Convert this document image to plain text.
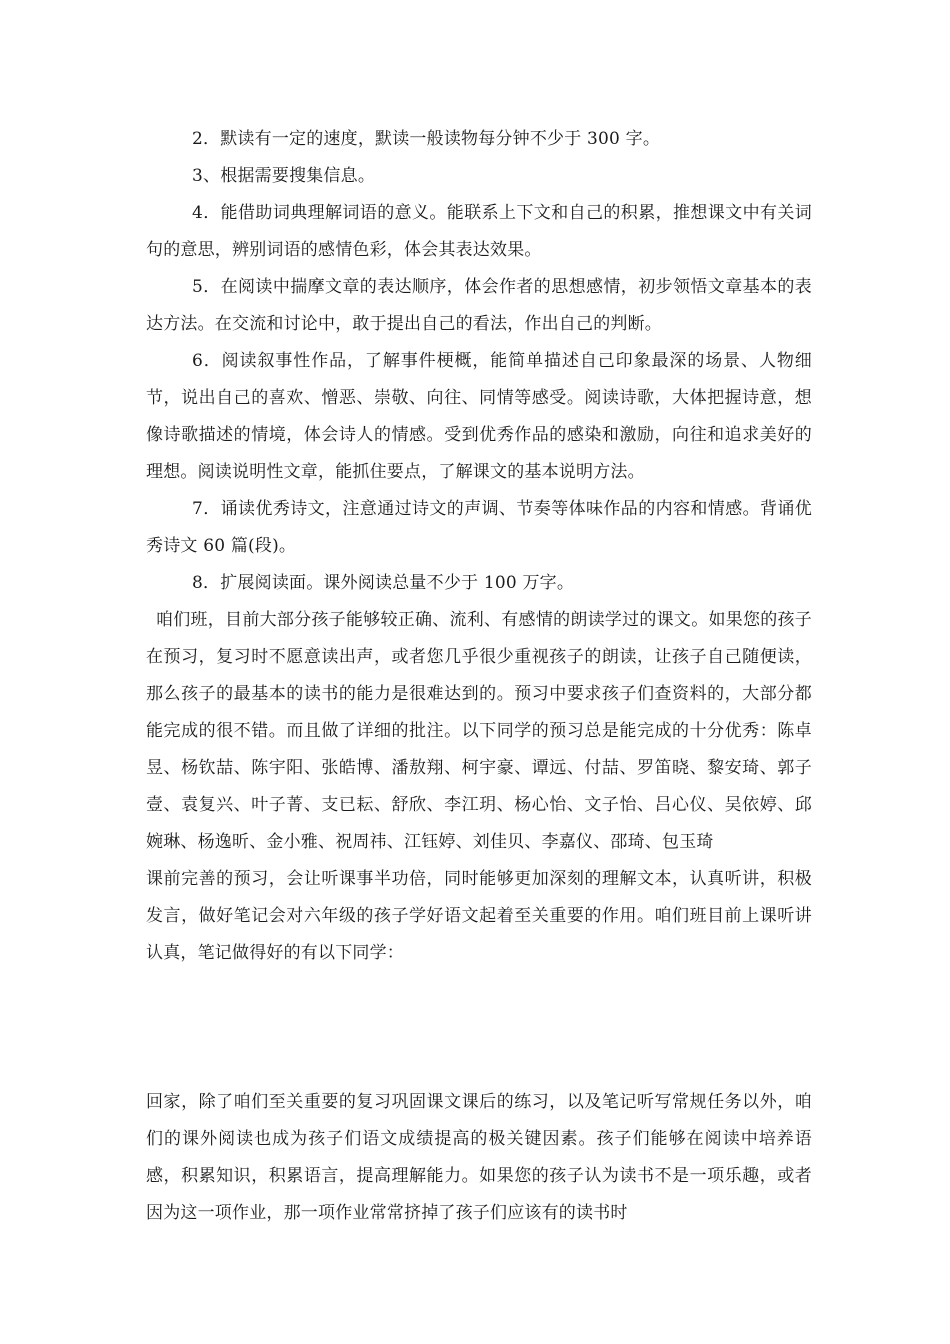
2．默读有一定的速度，默读一般读物每分钟不少于 300 字。

3、根据需要搜集信息。

4．能借助词典理解词语的意义。能联系上下文和自己的积累，推想课文中有关词句的意思，辨别词语的感情色彩，体会其表达效果。

5．在阅读中揣摩文章的表达顺序，体会作者的思想感情，初步领悟文章基本的表达方法。在交流和讨论中，敢于提出自己的看法，作出自己的判断。

6．阅读叙事性作品，了解事件梗概，能简单描述自己印象最深的场景、人物细节，说出自己的喜欢、憎恶、崇敬、向往、同情等感受。阅读诗歌，大体把握诗意，想像诗歌描述的情境，体会诗人的情感。受到优秀作品的感染和激励，向往和追求美好的理想。阅读说明性文章，能抓住要点，了解课文的基本说明方法。

7．诵读优秀诗文，注意通过诗文的声调、节奏等体味作品的内容和情感。背诵优秀诗文 60 篇(段)。

8．扩展阅读面。课外阅读总量不少于 100 万字。

咱们班，目前大部分孩子能够较正确、流利、有感情的朗读学过的课文。如果您的孩子在预习，复习时不愿意读出声，或者您几乎很少重视孩子的朗读，让孩子自己随便读，那么孩子的最基本的读书的能力是很难达到的。预习中要求孩子们查资料的，大部分都能完成的很不错。而且做了详细的批注。以下同学的预习总是能完成的十分优秀：陈卓昱、杨钦喆、陈宇阳、张皓博、潘敖翔、柯宇豪、谭远、付喆、罗笛晓、黎安琦、郭子壹、袁复兴、叶子菁、支已耘、舒欣、李江玥、杨心怡、文子怡、吕心仪、吴依婷、邱婉琳、杨逸昕、金小雅、祝周祎、江钰婷、刘佳贝、李嘉仪、邵琦、包玉琦

课前完善的预习，会让听课事半功倍，同时能够更加深刻的理解文本，认真听讲，积极发言，做好笔记会对六年级的孩子学好语文起着至关重要的作用。咱们班目前上课听讲认真，笔记做得好的有以下同学：

回家，除了咱们至关重要的复习巩固课文课后的练习，以及笔记听写常规任务以外，咱们的课外阅读也成为孩子们语文成绩提高的极关键因素。孩子们能够在阅读中培养语感，积累知识，积累语言，提高理解能力。如果您的孩子认为读书不是一项乐趣，或者因为这一项作业，那一项作业常常挤掉了孩子们应该有的读书时
